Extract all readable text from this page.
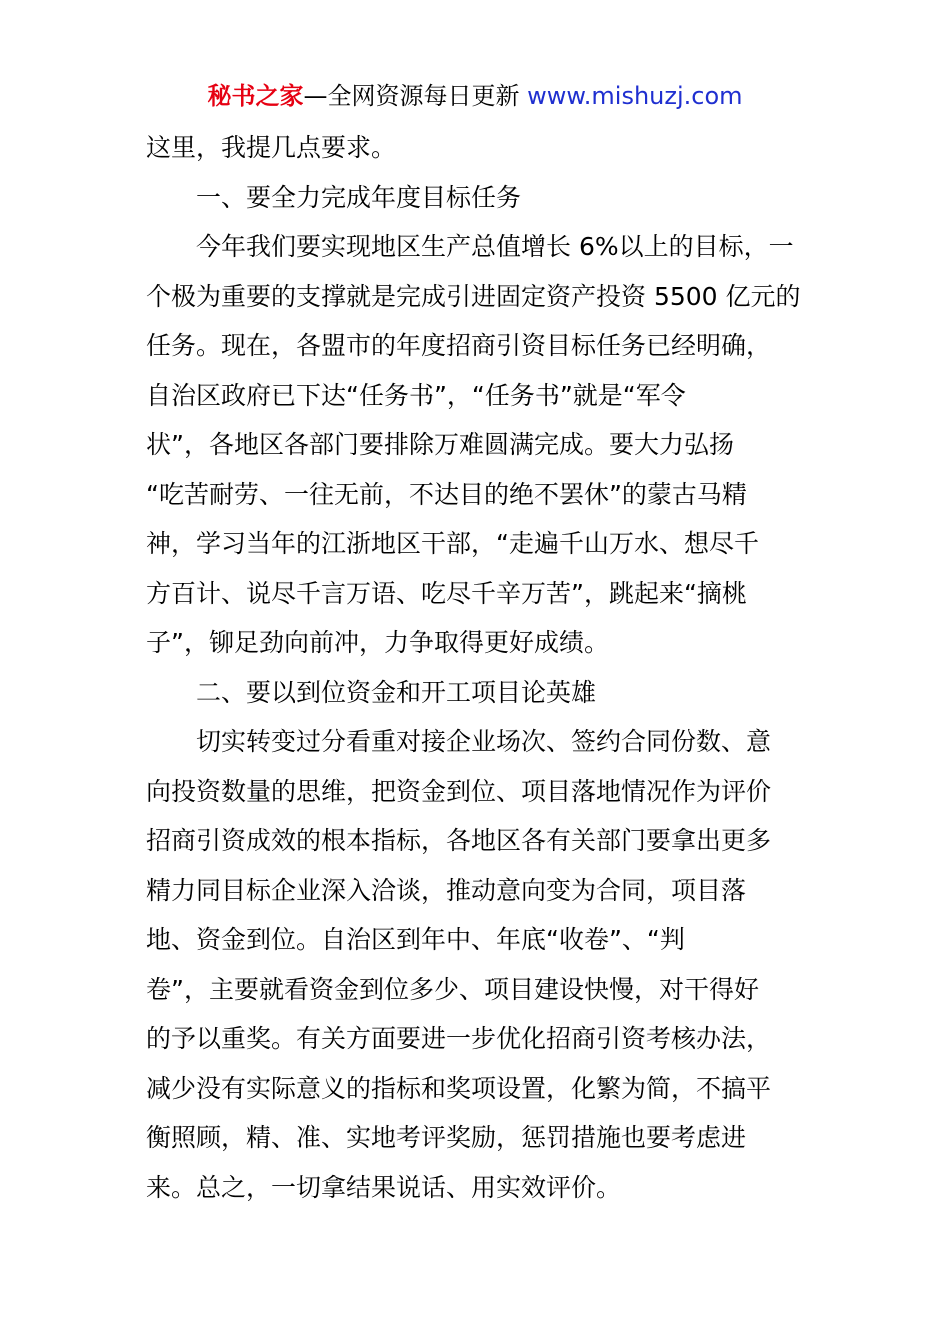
秘书之家—全网资源每日更新 www.mishuzj.com
这里，我提几点要求。
一、要全力完成年度目标任务
今年我们要实现地区生产总值增长 6%以上的目标，一
个极为重要的支撑就是完成引进固定资产投资 5500 亿元的
任务。现在，各盟市的年度招商引资目标任务已经明确，
自治区政府已下达“任务书”，“任务书”就是“军令
状”，各地区各部门要排除万难圆满完成。要大力弘扬
“吃苦耐劳、一往无前，不达目的绝不罢休”的蒙古马精
神，学习当年的江浙地区干部，“走遍千山万水、想尽千
方百计、说尽千言万语、吃尽千辛万苦”，跳起来“摘桃
子”，铆足劲向前冲，力争取得更好成绩。
二、要以到位资金和开工项目论英雄
切实转变过分看重对接企业场次、签约合同份数、意
向投资数量的思维，把资金到位、项目落地情况作为评价
招商引资成效的根本指标，各地区各有关部门要拿出更多
精力同目标企业深入洽谈，推动意向变为合同，项目落
地、资金到位。自治区到年中、年底“收卷”、“判
卷”，主要就看资金到位多少、项目建设快慢，对干得好
的予以重奖。有关方面要进一步优化招商引资考核办法，
减少没有实际意义的指标和奖项设置，化繁为简，不搞平
衡照顾，精、准、实地考评奖励，惩罚措施也要考虑进
来。总之，一切拿结果说话、用实效评价。
